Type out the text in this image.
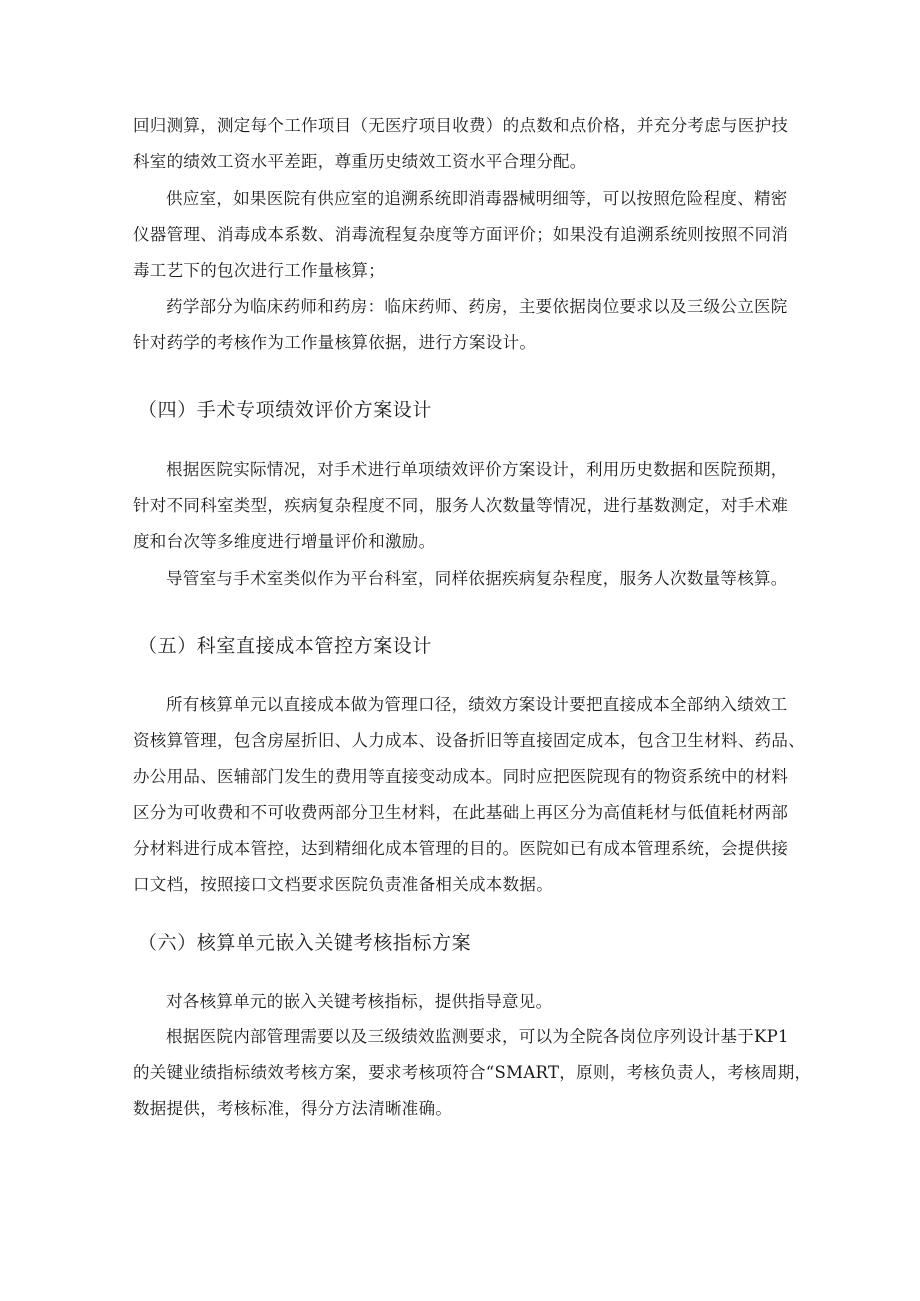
回归测算，测定每个工作项目（无医疗项目收费）的点数和点价格，并充分考虑与医护技
科室的绩效工资水平差距，尊重历史绩效工资水平合理分配。
供应室，如果医院有供应室的追溯系统即消毒器械明细等，可以按照危险程度、精密
仪器管理、消毒成本系数、消毒流程复杂度等方面评价；如果没有追溯系统则按照不同消
毒工艺下的包次进行工作量核算；
药学部分为临床药师和药房：临床药师、药房，主要依据岗位要求以及三级公立医院
针对药学的考核作为工作量核算依据，进行方案设计。
（四）手术专项绩效评价方案设计
根据医院实际情况，对手术进行单项绩效评价方案设计，利用历史数据和医院预期，
针对不同科室类型，疾病复杂程度不同，服务人次数量等情况，进行基数测定，对手术难
度和台次等多维度进行增量评价和激励。
导管室与手术室类似作为平台科室，同样依据疾病复杂程度，服务人次数量等核算。
（五）科室直接成本管控方案设计
所有核算单元以直接成本做为管理口径，绩效方案设计要把直接成本全部纳入绩效工
资核算管理，包含房屋折旧、人力成本、设备折旧等直接固定成本，包含卫生材料、药品、
办公用品、医辅部门发生的费用等直接变动成本。同时应把医院现有的物资系统中的材料
区分为可收费和不可收费两部分卫生材料，在此基础上再区分为高值耗材与低值耗材两部
分材料进行成本管控，达到精细化成本管理的目的。医院如已有成本管理系统，会提供接
口文档，按照接口文档要求医院负责准备相关成本数据。
（六）核算单元嵌入关键考核指标方案
对各核算单元的嵌入关键考核指标，提供指导意见。
根据医院内部管理需要以及三级绩效监测要求，可以为全院各岗位序列设计基于KP1
的关键业绩指标绩效考核方案，要求考核项符合“SMART，原则，考核负责人，考核周期，
数据提供，考核标准，得分方法清晰准确。
